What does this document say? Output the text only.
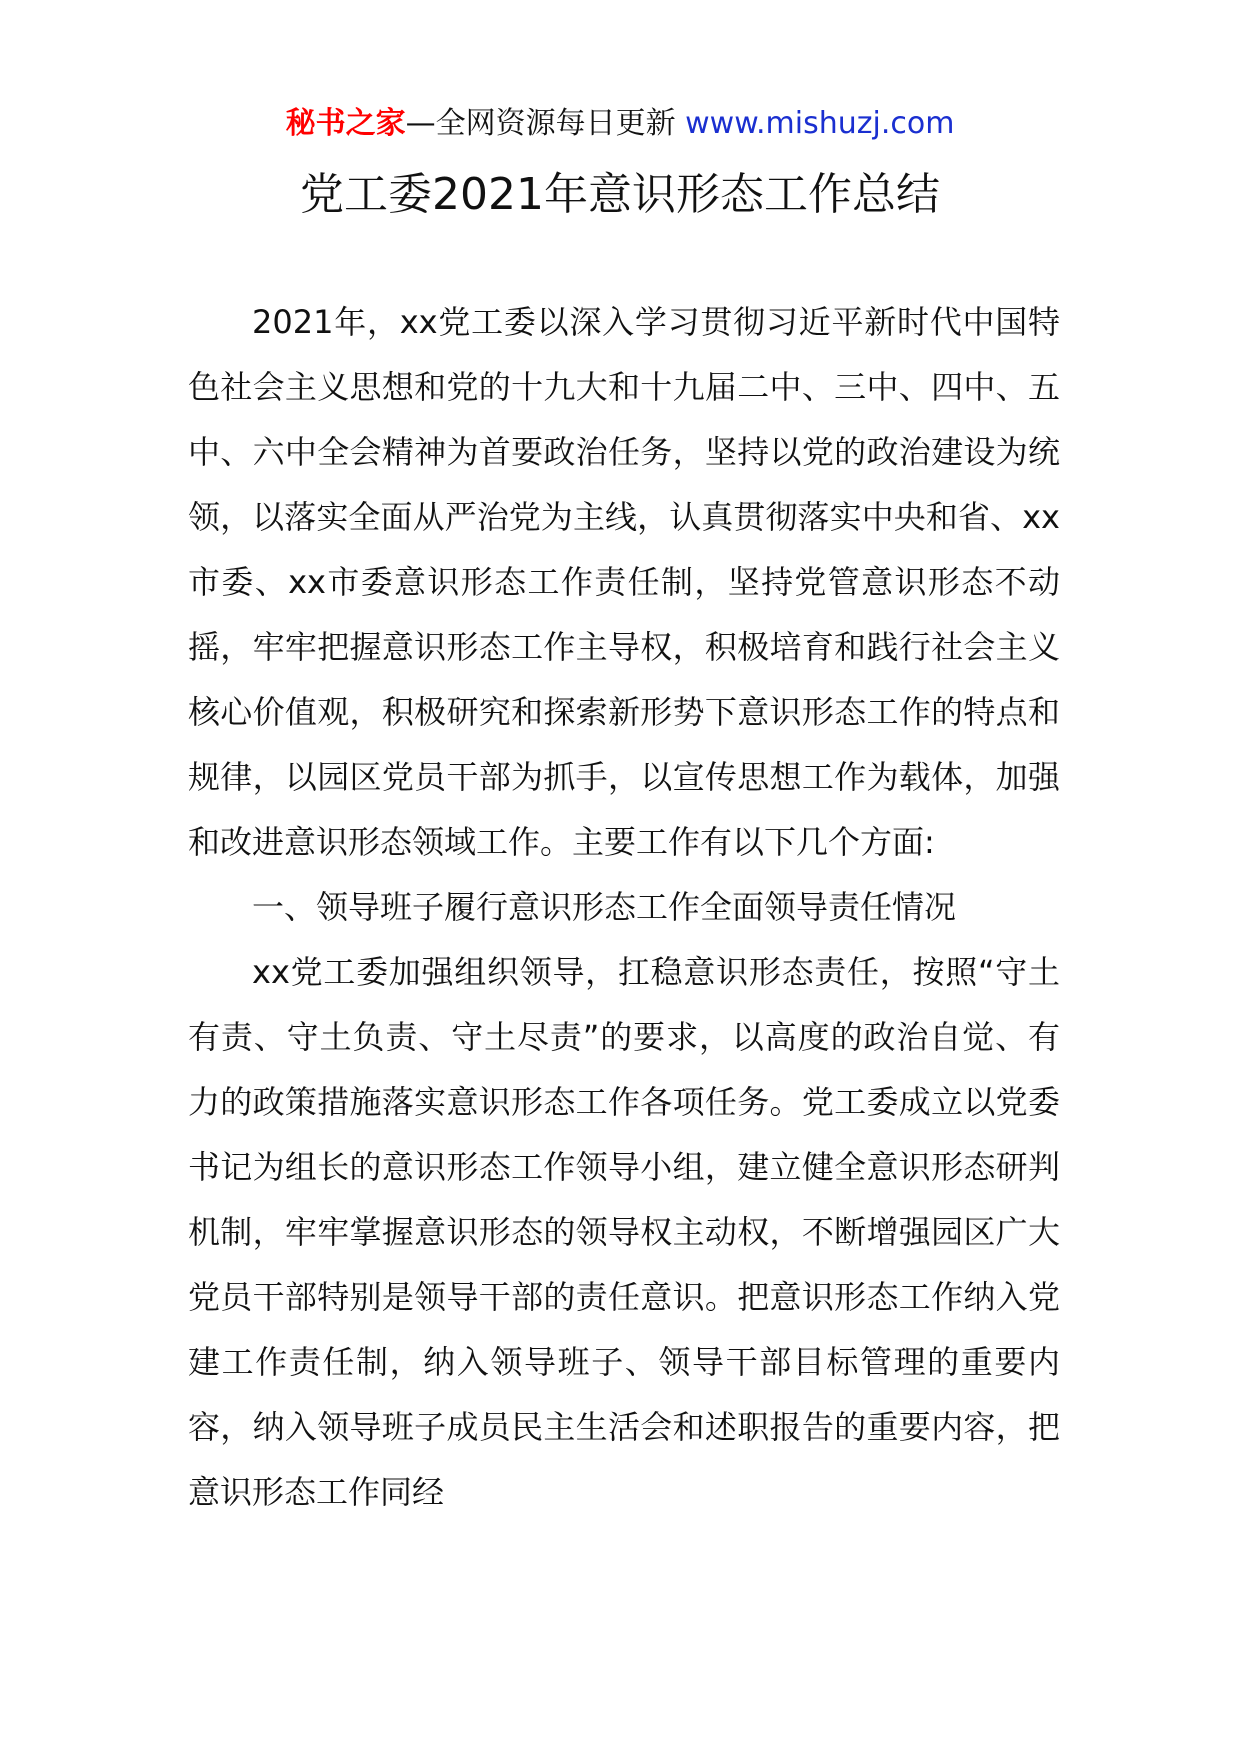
秘书之家—全网资源每日更新 www.mishuzj.com
党工委2021年意识形态工作总结

2021年，xx党工委以深入学习贯彻习近平新时代中国特色社会主义思想和党的十九大和十九届二中、三中、四中、五中、六中全会精神为首要政治任务，坚持以党的政治建设为统领，以落实全面从严治党为主线，认真贯彻落实中央和省、xx市委、xx市委意识形态工作责任制，坚持党管意识形态不动摇，牢牢把握意识形态工作主导权，积极培育和践行社会主义核心价值观，积极研究和探索新形势下意识形态工作的特点和规律，以园区党员干部为抓手，以宣传思想工作为载体，加强和改进意识形态领域工作。主要工作有以下几个方面:

一、领导班子履行意识形态工作全面领导责任情况

xx党工委加强组织领导，扛稳意识形态责任，按照“守土有责、守土负责、守土尽责”的要求，以高度的政治自觉、有力的政策措施落实意识形态工作各项任务。党工委成立以党委书记为组长的意识形态工作领导小组，建立健全意识形态研判机制，牢牢掌握意识形态的领导权主动权，不断增强园区广大党员干部特别是领导干部的责任意识。把意识形态工作纳入党建工作责任制，纳入领导班子、领导干部目标管理的重要内容，纳入领导班子成员民主生活会和述职报告的重要内容，把意识形态工作同经
